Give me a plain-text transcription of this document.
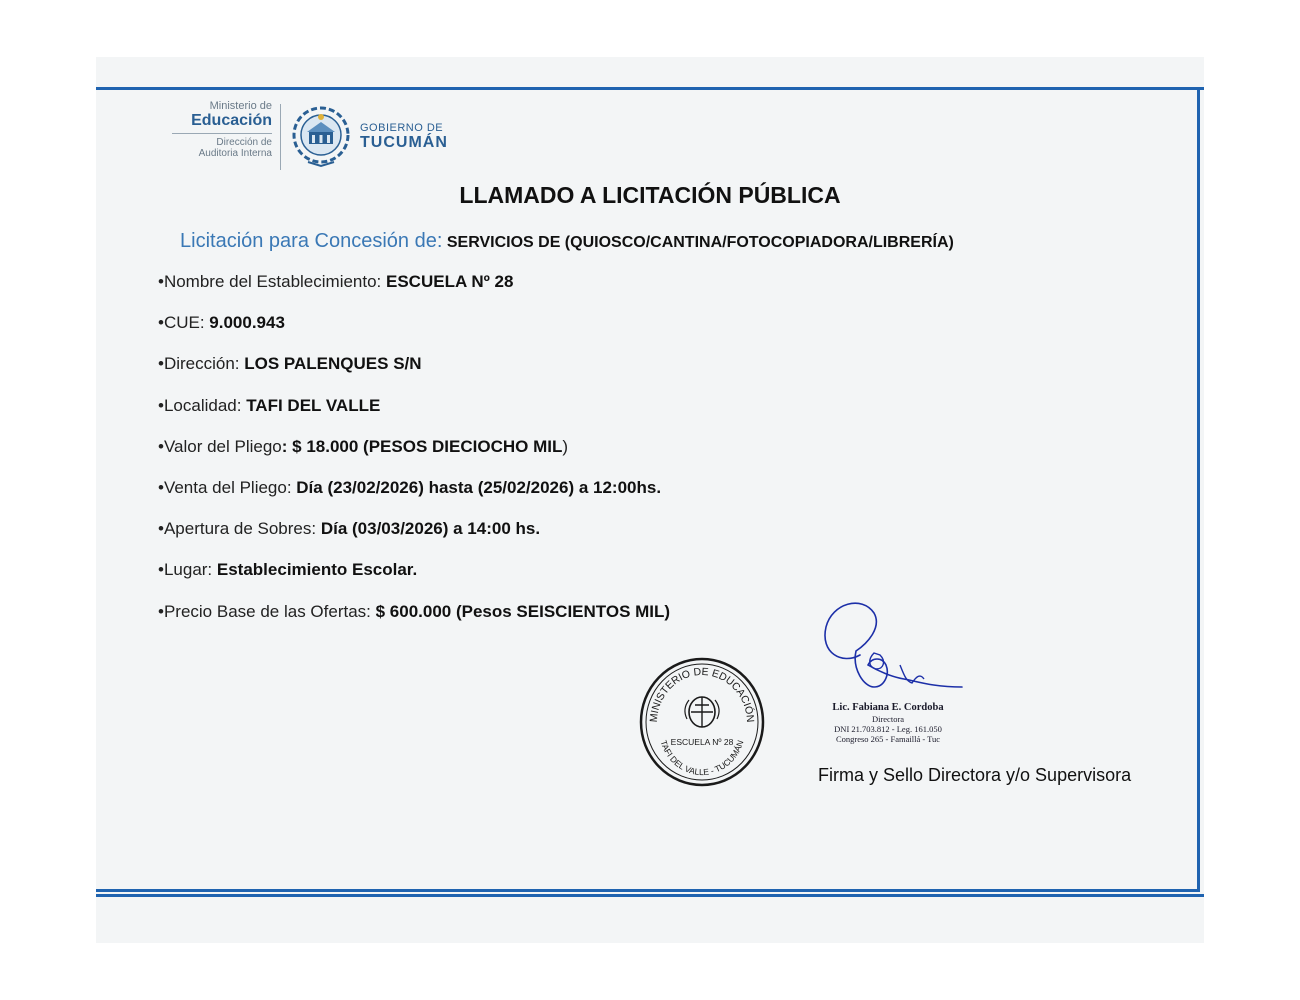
Ministerio de
Educación
Dirección de
Auditoria Interna
GOBIERNO DE
TUCUMÁN
LLAMADO A LICITACIÓN PÚBLICA
Licitación para Concesión de: SERVICIOS DE (QUIOSCO/CANTINA/FOTOCOPIADORA/LIBRERÍA)
•Nombre del Establecimiento: ESCUELA Nº 28
•CUE: 9.000.943
•Dirección: LOS PALENQUES S/N
•Localidad: TAFI DEL VALLE
•Valor del Pliego: $ 18.000 (PESOS DIECIOCHO MIL)
•Venta del Pliego: Día (23/02/2026) hasta (25/02/2026) a 12:00hs.
•Apertura de Sobres: Día (03/03/2026) a 14:00 hs.
•Lugar: Establecimiento Escolar.
•Precio Base de las Ofertas: $ 600.000 (Pesos SEISCIENTOS MIL)
MINISTERIO DE EDUCACIÓN
ESCUELA Nº 28
TAFI DEL VALLE - TUCUMÁN
Lic. Fabiana E. Cordoba
Directora
DNI 21.703.812 - Leg. 161.050
Congreso 265 - Famaillá - Tuc
Firma y Sello Directora y/o Supervisora
